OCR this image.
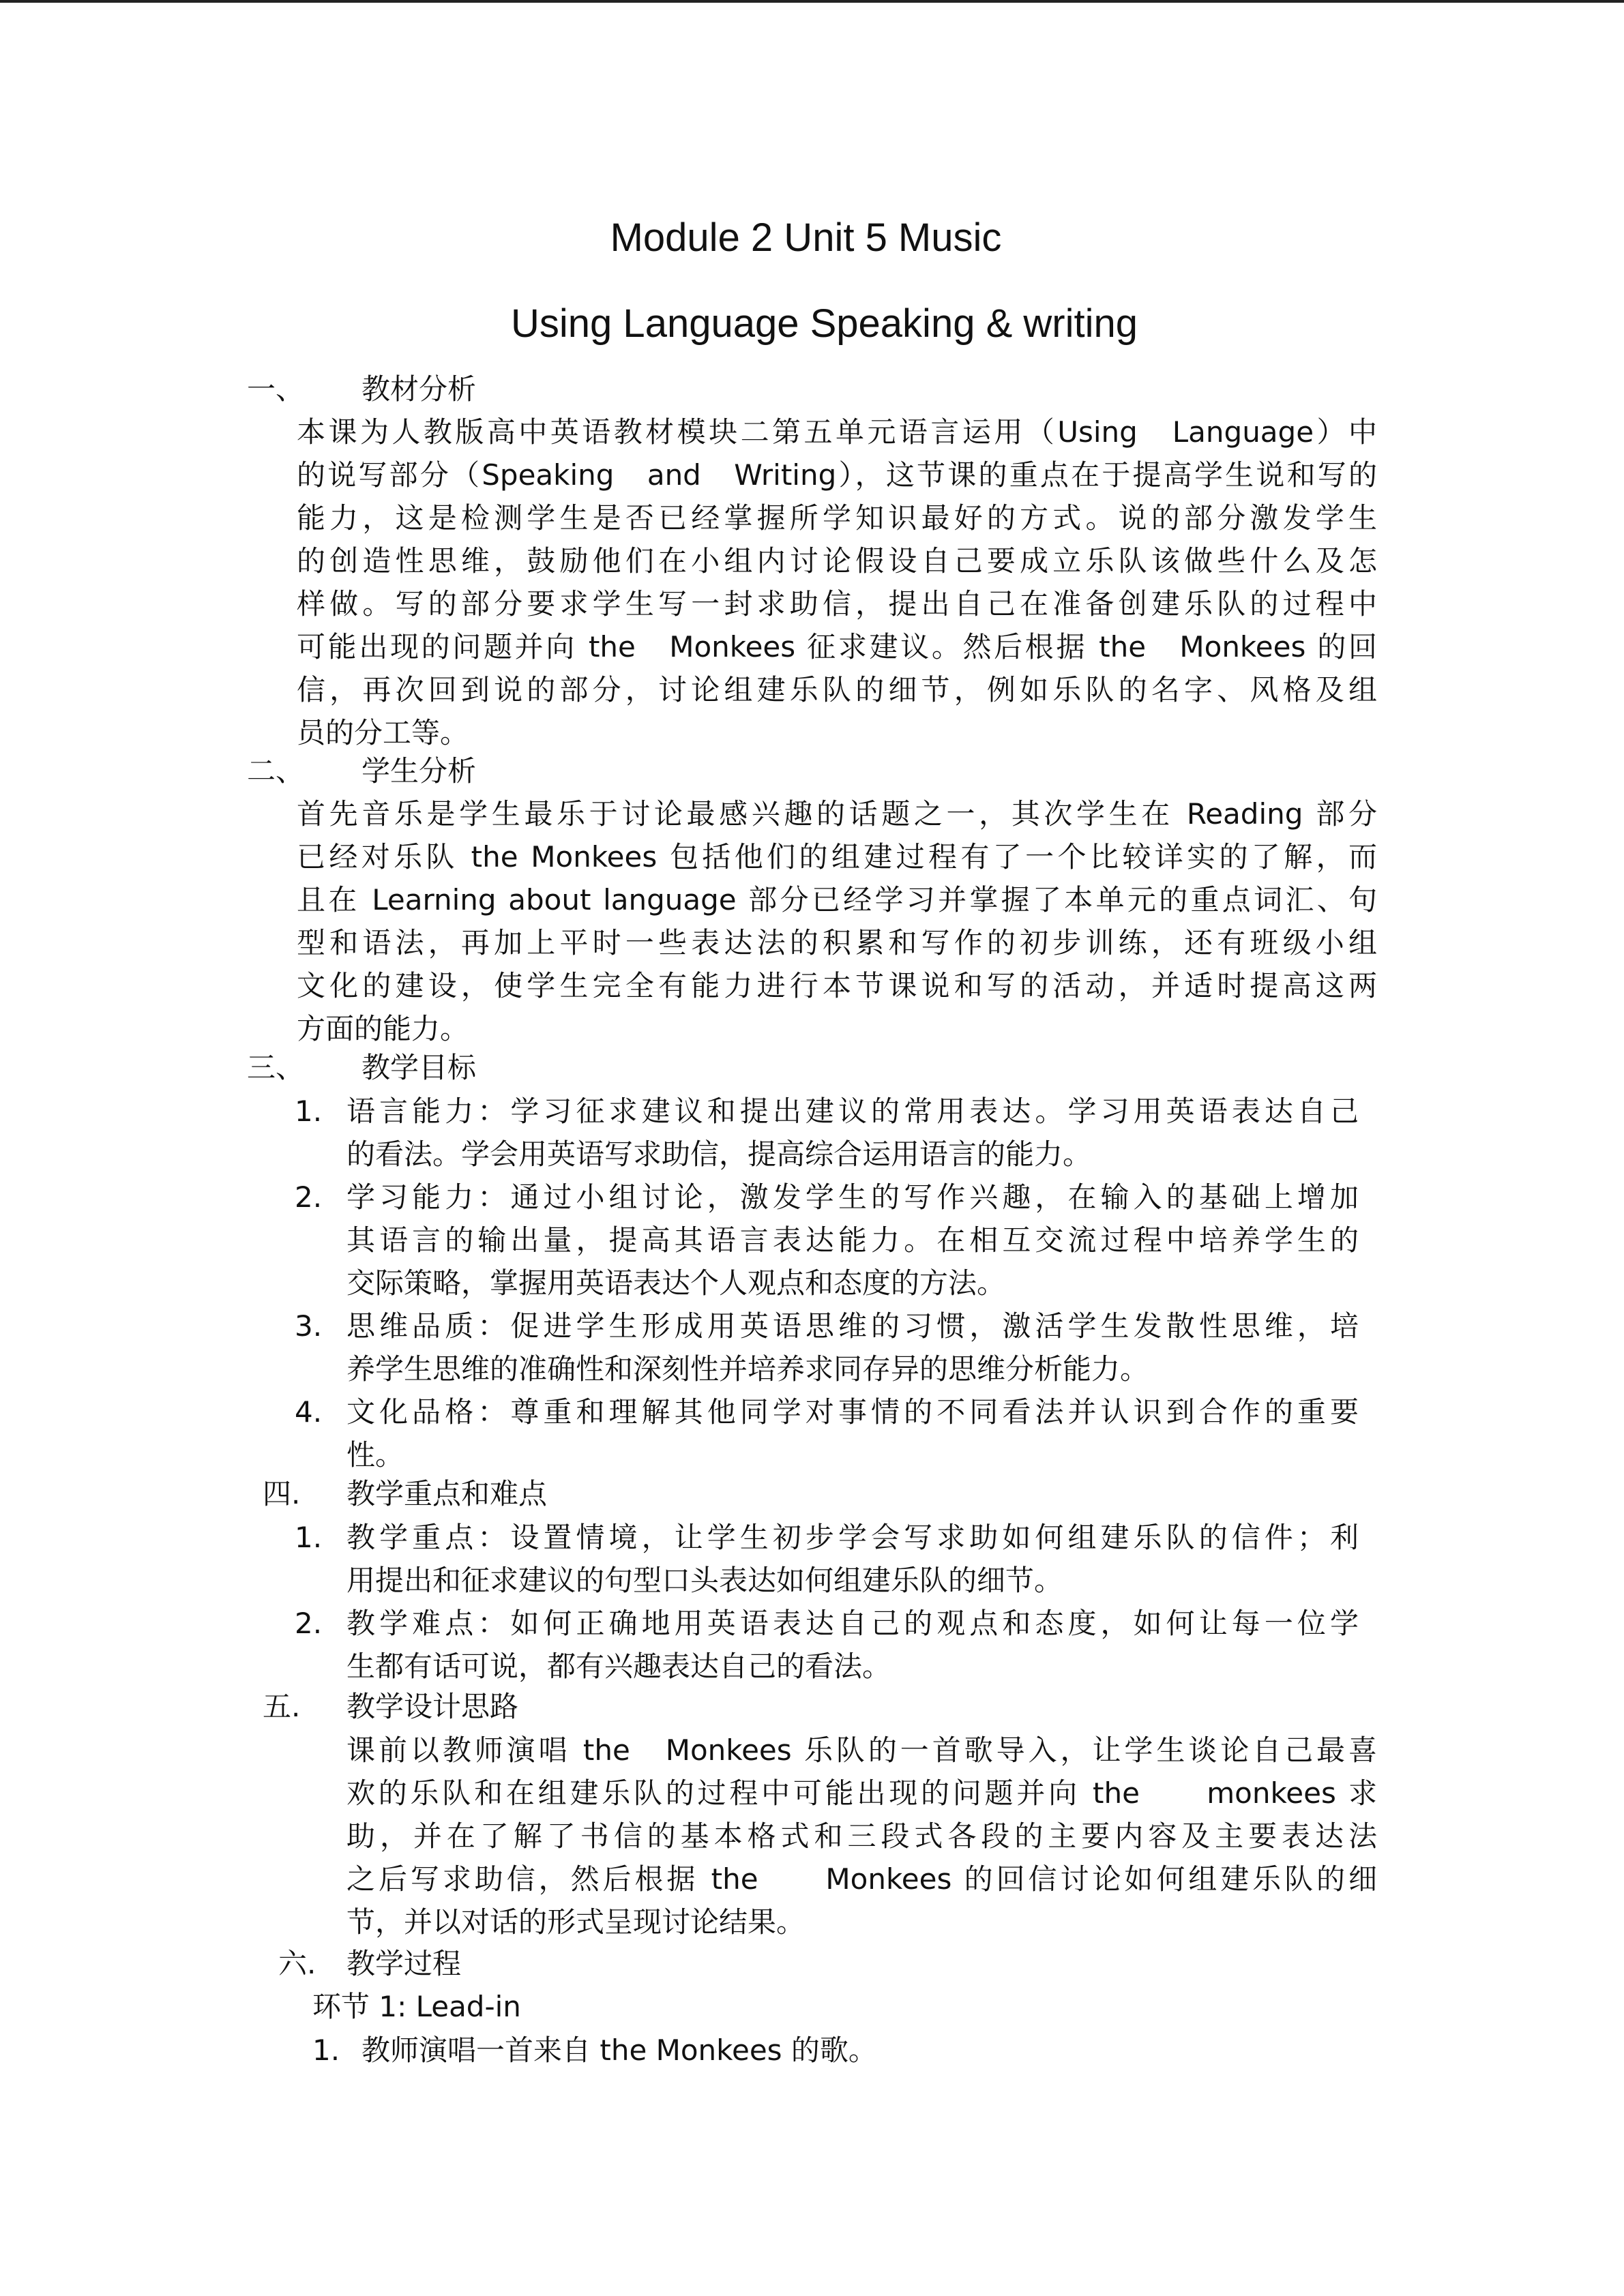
Module 2 Unit 5 Music
Using Language Speaking & writing
一、 教材分析
本课为人教版高中英语教材模块二第五单元语言运用（Using　Language）中
的说写部分（Speaking　and　Writing），这节课的重点在于提高学生说和写的
能力，这是检测学生是否已经掌握所学知识最好的方式。说的部分激发学生
的创造性思维，鼓励他们在小组内讨论假设自己要成立乐队该做些什么及怎
样做。写的部分要求学生写一封求助信，提出自己在准备创建乐队的过程中
可能出现的问题并向 the　Monkees 征求建议。然后根据 the　Monkees 的回
信，再次回到说的部分，讨论组建乐队的细节，例如乐队的名字、风格及组
员的分工等。
二、 学生分析
首先音乐是学生最乐于讨论最感兴趣的话题之一，其次学生在 Reading 部分
已经对乐队 the Monkees 包括他们的组建过程有了一个比较详实的了解，而
且在 Learning about language 部分已经学习并掌握了本单元的重点词汇、句
型和语法，再加上平时一些表达法的积累和写作的初步训练，还有班级小组
文化的建设，使学生完全有能力进行本节课说和写的活动，并适时提高这两
方面的能力。
三、 教学目标
1. 语言能力：学习征求建议和提出建议的常用表达。学习用英语表达自己
的看法。学会用英语写求助信，提高综合运用语言的能力。
2. 学习能力：通过小组讨论，激发学生的写作兴趣，在输入的基础上增加
其语言的输出量，提高其语言表达能力。在相互交流过程中培养学生的
交际策略，掌握用英语表达个人观点和态度的方法。
3. 思维品质：促进学生形成用英语思维的习惯，激活学生发散性思维，培
养学生思维的准确性和深刻性并培养求同存异的思维分析能力。
4. 文化品格：尊重和理解其他同学对事情的不同看法并认识到合作的重要
性。
四. 教学重点和难点
1. 教学重点：设置情境，让学生初步学会写求助如何组建乐队的信件；利
用提出和征求建议的句型口头表达如何组建乐队的细节。
2. 教学难点：如何正确地用英语表达自己的观点和态度，如何让每一位学
生都有话可说，都有兴趣表达自己的看法。
五. 教学设计思路
课前以教师演唱 the　Monkees 乐队的一首歌导入，让学生谈论自己最喜
欢的乐队和在组建乐队的过程中可能出现的问题并向 the　　monkees 求
助，并在了解了书信的基本格式和三段式各段的主要内容及主要表达法
之后写求助信，然后根据 the　　Monkees 的回信讨论如何组建乐队的细
节，并以对话的形式呈现讨论结果。
六. 教学过程
环节 1: Lead-in
1. 教师演唱一首来自 the Monkees 的歌。
